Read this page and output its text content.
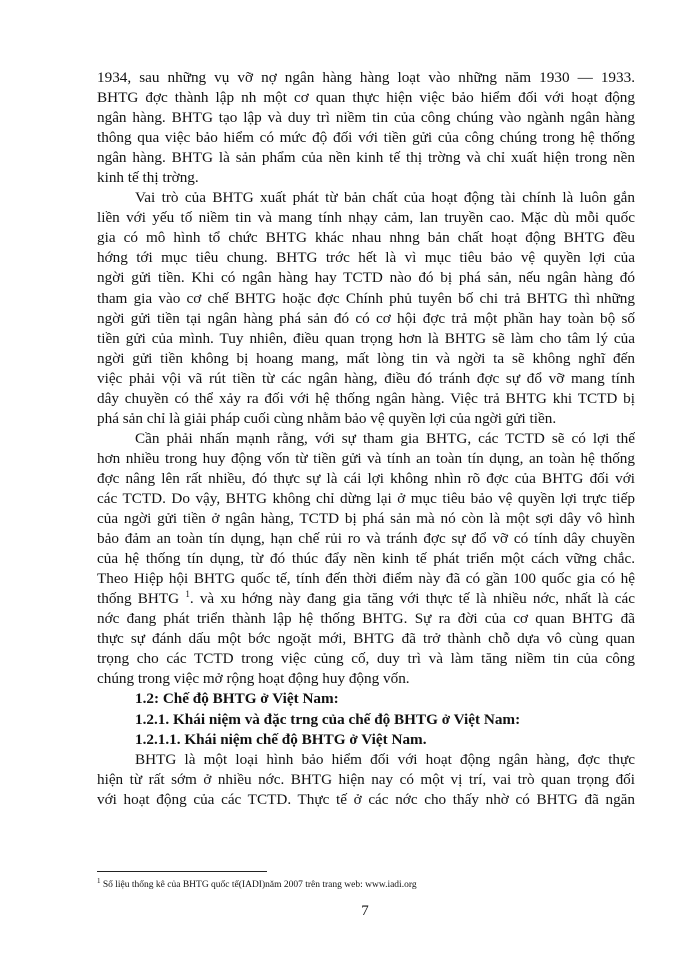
1934, sau những vụ vỡ nợ ngân hàng hàng loạt vào những năm 1930 — 1933.
BHTG đợc thành lập nh một cơ quan thực hiện việc bảo hiểm đối với hoạt động
ngân hàng. BHTG tạo lập và duy trì niềm tin của công chúng vào ngành ngân hàng
thông qua việc bảo hiểm có mức độ đối với tiền gửi của công chúng trong hệ thống
ngân hàng. BHTG là sản phẩm của nền kinh tế thị trờng và chỉ xuất hiện trong nền
kinh tế thị trờng.
Vai trò của BHTG xuất phát từ bản chất của hoạt động tài chính là luôn gắn
liền với yếu tố niềm tin và mang tính nhạy cảm, lan truyền cao. Mặc dù mỗi quốc
gia có mô hình tổ chức BHTG khác nhau nhng bản chất hoạt động BHTG đều
hớng tới mục tiêu chung. BHTG trớc hết là vì mục tiêu bảo vệ quyền lợi của
ngời gửi tiền. Khi có ngân hàng hay TCTD nào đó bị phá sản, nếu ngân hàng đó
tham gia vào cơ chế BHTG hoặc đợc Chính phủ tuyên bố chi trả BHTG thì những
ngời gửi tiền tại ngân hàng phá sản đó có cơ hội đợc trả một phần hay toàn bộ số
tiền gửi của mình. Tuy nhiên, điều quan trọng hơn là BHTG sẽ làm cho tâm lý của
ngời gửi tiền không bị hoang mang, mất lòng tin và ngời ta sẽ không nghĩ đến
việc phải vội vã rút tiền từ các ngân hàng, điều đó tránh đợc sự đổ vỡ mang tính
dây chuyền có thể xảy ra đối với hệ thống ngân hàng. Việc trả BHTG khi TCTD bị
phá sản chỉ là giải pháp cuối cùng nhằm bảo vệ quyền lợi của ngời gửi tiền.
Cần phải nhấn mạnh rằng, với sự tham gia BHTG, các TCTD sẽ có lợi thế
hơn nhiều trong huy động vốn từ tiền gửi và tính an toàn tín dụng, an toàn hệ thống
đợc nâng lên rất nhiều, đó thực sự là cái lợi không nhìn rõ đợc của BHTG đối với
các TCTD. Do vậy, BHTG không chỉ dừng lại ở mục tiêu bảo vệ quyền lợi trực tiếp
của ngời gửi tiền ở ngân hàng, TCTD bị phá sản mà nó còn là một sợi dây vô hình
bảo đảm an toàn tín dụng, hạn chế rủi ro và tránh đợc sự đổ vỡ có tính dây chuyền
của hệ thống tín dụng, từ đó thúc đẩy nền kinh tế phát triển một cách vững chắc.
Theo Hiệp hội BHTG quốc tế, tính đến thời điểm này đã có gần 100 quốc gia có hệ
thống BHTG $^1$. và xu hớng này đang gia tăng với thực tế là nhiều nớc, nhất là các
nớc đang phát triển thành lập hệ thống BHTG. Sự ra đời của cơ quan BHTG đã
thực sự đánh dấu một bớc ngoặt mới, BHTG đã trở thành chỗ dựa vô cùng quan
trọng cho các TCTD trong việc củng cố, duy trì và làm tăng niềm tin của công
chúng trong việc mở rộng hoạt động huy động vốn.
1.2: Chế độ BHTG ở Việt Nam:
1.2.1. Khái niệm và đặc trng của chế độ BHTG ở Việt Nam:
1.2.1.1. Khái niệm chế độ BHTG ở Việt Nam.
BHTG là một loại hình bảo hiểm đối với hoạt động ngân hàng, đợc thực
hiện từ rất sớm ở nhiều nớc. BHTG hiện nay có một vị trí, vai trò quan trọng đối
với hoạt động của các TCTD. Thực tế ở các nớc cho thấy nhờ có BHTG đã ngăn
$^1$ Số liệu thống kê của BHTG quốc tế(IADI)năm 2007 trên trang web: www.iadi.org
7
